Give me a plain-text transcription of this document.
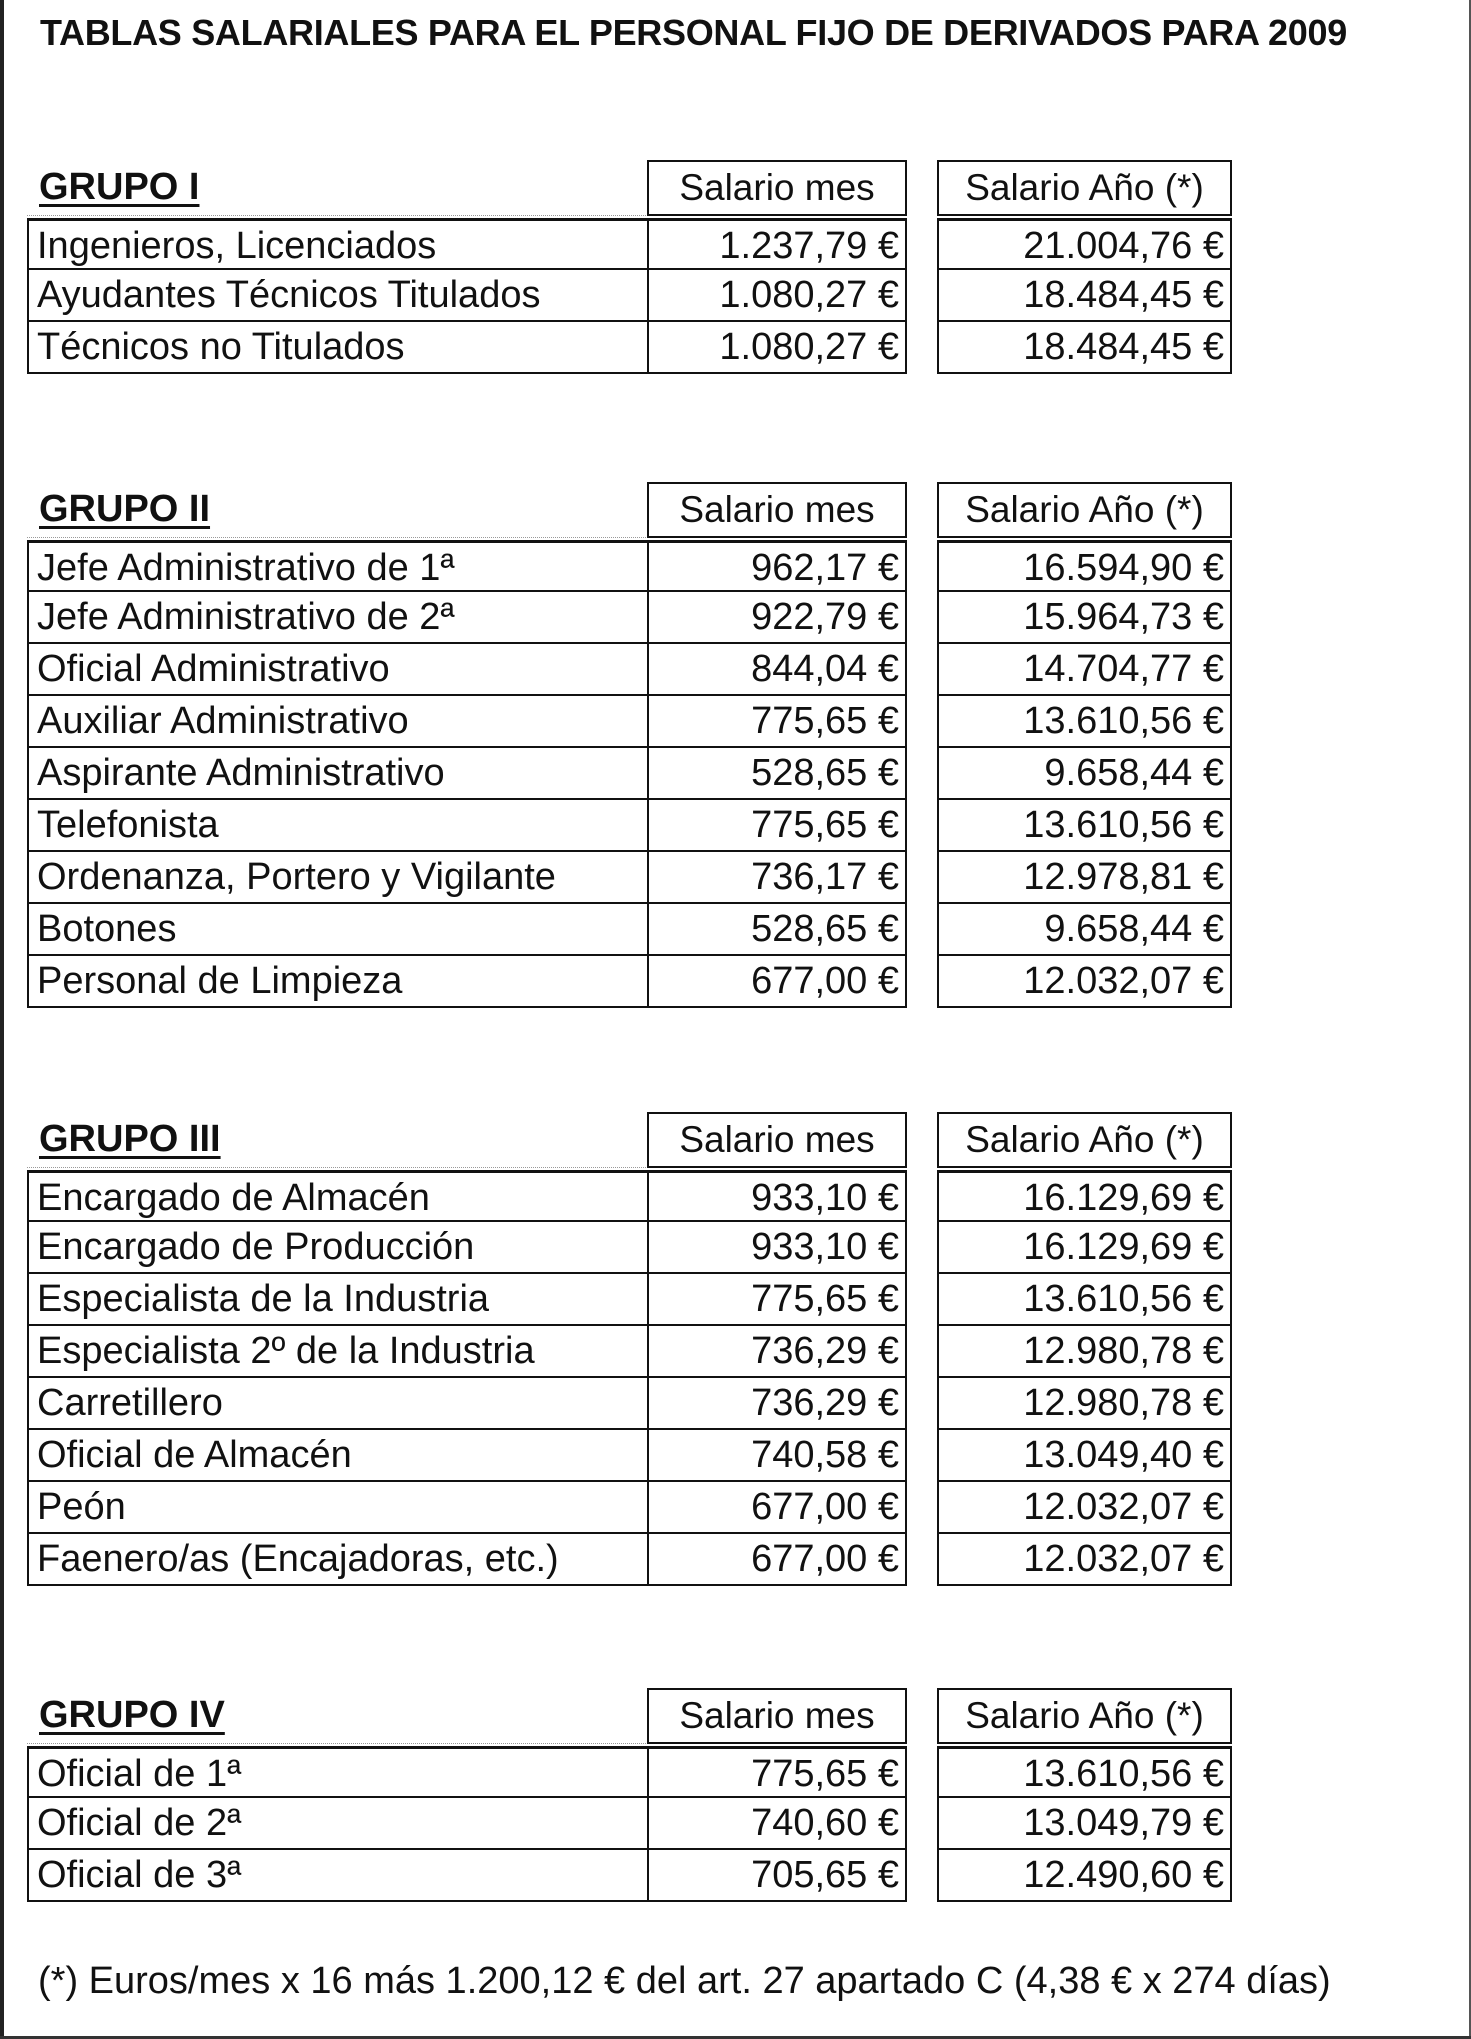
TABLAS SALARIALES PARA EL PERSONAL FIJO DE DERIVADOS PARA 2009
GRUPO I	Salario mes	Salario Año (*)
Ingenieros, Licenciados	1.237,79 €	21.004,76 €
Ayudantes Técnicos Titulados	1.080,27 €	18.484,45 €
Técnicos no Titulados	1.080,27 €	18.484,45 €
GRUPO II	Salario mes	Salario Año (*)
Jefe Administrativo de 1ª	962,17 €	16.594,90 €
Jefe Administrativo de 2ª	922,79 €	15.964,73 €
Oficial Administrativo	844,04 €	14.704,77 €
Auxiliar Administrativo	775,65 €	13.610,56 €
Aspirante Administrativo	528,65 €	9.658,44 €
Telefonista	775,65 €	13.610,56 €
Ordenanza, Portero y Vigilante	736,17 €	12.978,81 €
Botones	528,65 €	9.658,44 €
Personal de Limpieza	677,00 €	12.032,07 €
GRUPO III	Salario mes	Salario Año (*)
Encargado de Almacén	933,10 €	16.129,69 €
Encargado de Producción	933,10 €	16.129,69 €
Especialista de la Industria	775,65 €	13.610,56 €
Especialista 2º de la Industria	736,29 €	12.980,78 €
Carretillero	736,29 €	12.980,78 €
Oficial de Almacén	740,58 €	13.049,40 €
Peón	677,00 €	12.032,07 €
Faenero/as (Encajadoras, etc.)	677,00 €	12.032,07 €
GRUPO IV	Salario mes	Salario Año (*)
Oficial de 1ª	775,65 €	13.610,56 €
Oficial de 2ª	740,60 €	13.049,79 €
Oficial de 3ª	705,65 €	12.490,60 €
(*) Euros/mes x 16 más 1.200,12 € del art. 27 apartado C (4,38 € x 274 días)
